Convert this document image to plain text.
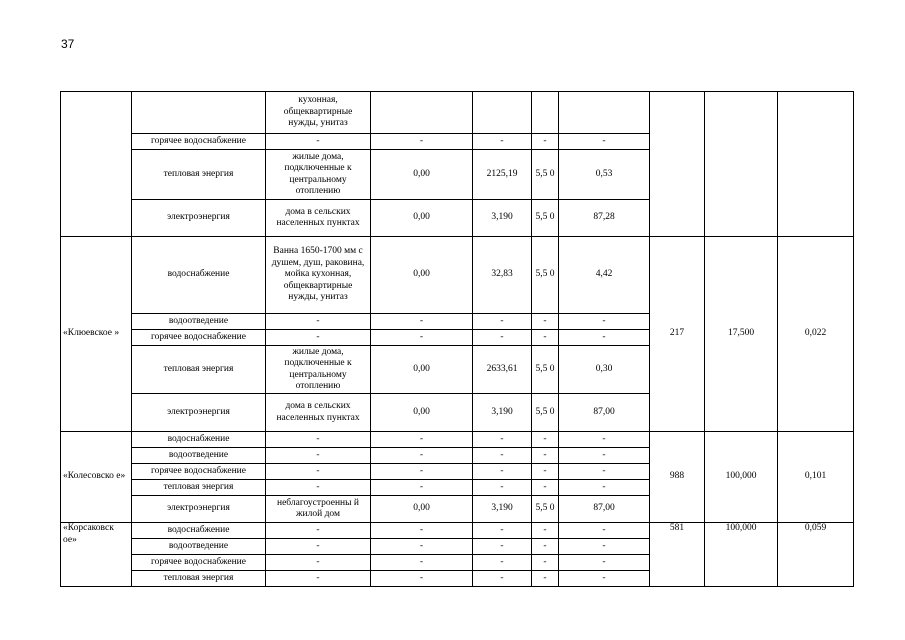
37
		кухонная, общеквартирные нужды, унитаз							
	горячее водоснабжение	-	-	-	-	-			
	тепловая энергия	жилые дома, подключенные к центральному отоплению	0,00	2125,19	5,5 0	0,53			
	электроэнергия	дома в сельских населенных пунктах	0,00	3,190	5,5 0	87,28			
«Клюевское »	водоснабжение	Ванна 1650-1700 мм с душем, душ, раковина, мойка кухонная, общеквартирные нужды, унитаз	0,00	32,83	5,5 0	4,42	217	17,500	0,022
	водоотведение	-	-	-	-	-			
	горячее водоснабжение	-	-	-	-	-			
	тепловая энергия	жилые дома, подключенные к центральному отоплению	0,00	2633,61	5,5 0	0,30			
	электроэнергия	дома в сельских населенных пунктах	0,00	3,190	5,5 0	87,00			
«Колесовско е»	водоснабжение	-	-	-	-	-	988	100,000	0,101
	водоотведение	-	-	-	-	-			
	горячее водоснабжение	-	-	-	-	-			
	тепловая энергия	-	-	-	-	-			
	электроэнергия	неблагоустроенны й жилой дом	0,00	3,190	5,5 0	87,00			
«Корсаковск ое»	водоснабжение	-	-	-	-	-	581	100,000	0,059
	водоотведение	-	-	-	-	-			
	горячее водоснабжение	-	-	-	-	-			
	тепловая энергия	-	-	-	-	-			
